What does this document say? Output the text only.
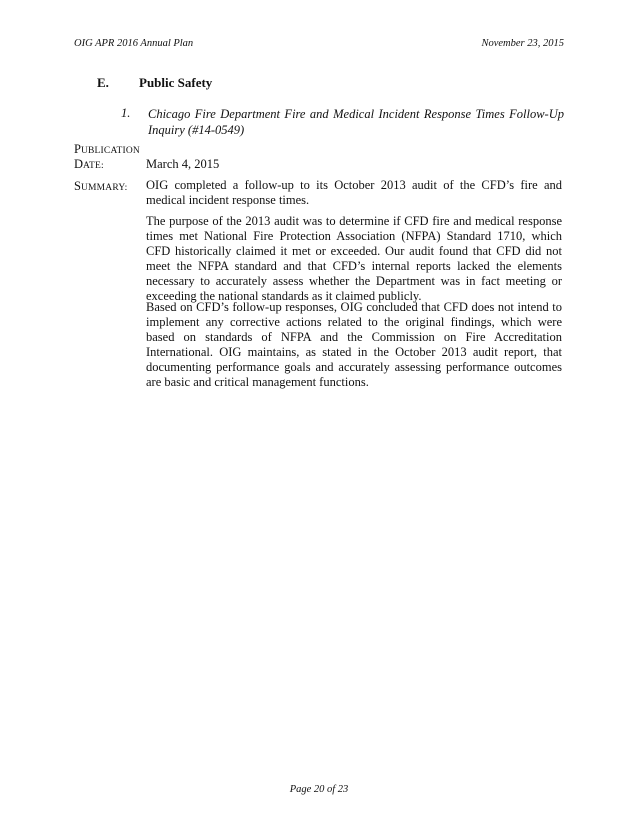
OIG APR 2016 Annual Plan	November 23, 2015
E. Public Safety
1. Chicago Fire Department Fire and Medical Incident Response Times Follow-Up Inquiry (#14-0549)
PUBLICATION
DATE:	March 4, 2015
SUMMARY: OIG completed a follow-up to its October 2013 audit of the CFD’s fire and medical incident response times.

The purpose of the 2013 audit was to determine if CFD fire and medical response times met National Fire Protection Association (NFPA) Standard 1710, which CFD historically claimed it met or exceeded. Our audit found that CFD did not meet the NFPA standard and that CFD’s internal reports lacked the elements necessary to accurately assess whether the Department was in fact meeting or exceeding the national standards as it claimed publicly.

Based on CFD’s follow-up responses, OIG concluded that CFD does not intend to implement any corrective actions related to the original findings, which were based on standards of NFPA and the Commission on Fire Accreditation International. OIG maintains, as stated in the October 2013 audit report, that documenting performance goals and accurately assessing performance outcomes are basic and critical management functions.

Page 20 of 23
